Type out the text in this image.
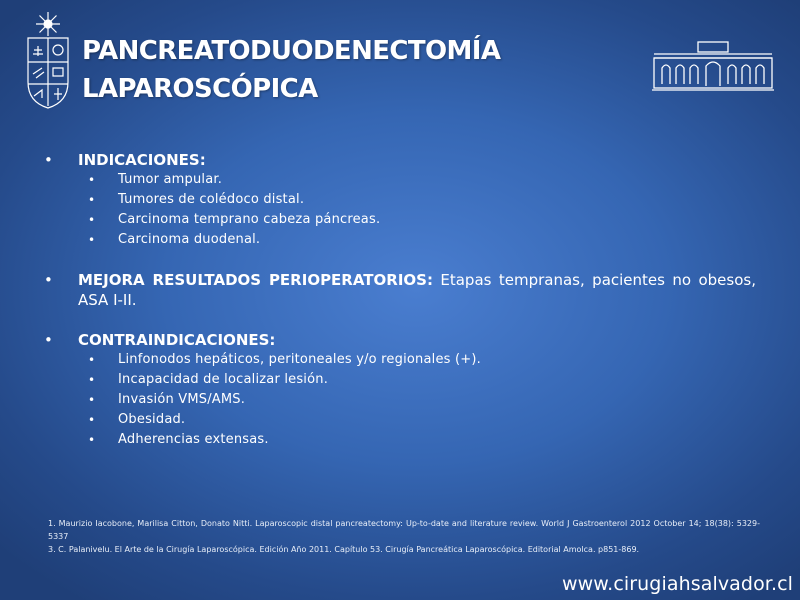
PANCREATODUODENECTOMÍA
LAPAROSCÓPICA
• INDICACIONES:
• Tumor ampular.
• Tumores de colédoco distal.
• Carcinoma temprano cabeza páncreas.
• Carcinoma duodenal.
• MEJORA RESULTADOS PERIOPERATORIOS: Etapas tempranas, pacientes no obesos, ASA I-II.
• CONTRAINDICACIONES:
• Linfonodos hepáticos, peritoneales y/o regionales (+).
• Incapacidad de localizar lesión.
• Invasión VMS/AMS.
• Obesidad.
• Adherencias extensas.

1. Maurizio Iacobone, Marilisa Citton, Donato Nitti. Laparoscopic distal pancreatectomy: Up-to-date and literature review. World J Gastroenterol 2012 October 14; 18(38): 5329-5337

3. C. Palanivelu. El Arte de la Cirugía Laparoscópica. Edición Año 2011. Capítulo 53. Cirugía Pancreática Laparoscópica. Editorial Amolca. p851-869.

www.cirugiahsalvador.cl
